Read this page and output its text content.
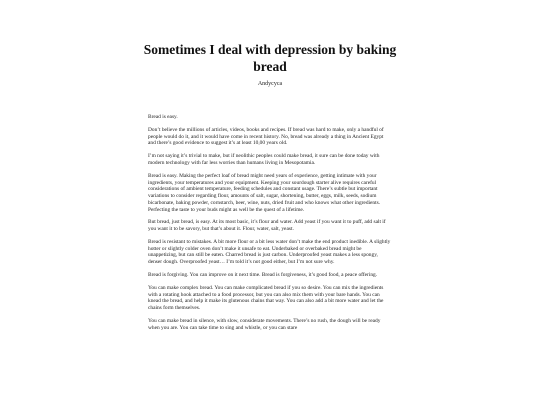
Sometimes I deal with depression by baking bread
Andycyca

Bread is easy.

Don’t believe the millions of articles, videos, books and recipes. If bread was hard to make, only a handful of people would do it, and it would have come in recent history. No, bread was already a thing in Ancient Egypt and there’s good evidence to suggest it’s at least 10,00 years old.

I’m not saying it’s trivial to make, but if neolithic peoples could make bread, it sure can be done today with modern technology with far less worries than humans living in Mesopotamia.

Bread is easy. Making the perfect loaf of bread might need years of experience, getting intimate with your ingredients, your temperatures and your equipment. Keeping your sourdough starter alive requires careful considerations of ambient temperature, feeding schedules and constant usage. There’s subtle but important variations to consider regarding flour, amounts of salt, sugar, shortening, butter, eggs, milk, seeds, sodium bicarbonate, baking powder, cornstarch, beer, wine, nuts, dried fruit and who knows what other ingredients. Perfecting the taste to your buds might as well be the quest of a lifetime.

But bread, just bread, is easy. At its most basic, it’s flour and water. Add yeast if you want it to puff, add salt if you want it to be savory, but that’s about it. Flour, water, salt, yeast.

Bread is resistant to mistakes. A bit more flour or a bit less water don’t make the end product inedible. A slightly hotter or slightly colder oven don’t make it unsafe to eat. Underbaked or overbaked bread might be unappetizing, but can still be eaten. Charred bread is just carbon. Underproofed yeast makes a less spongy, denser dough. Overproofed yeast… I’m told it’s not good either, but I’m not sure why.

Bread is forgiving. You can improve on it next time. Bread is forgiveness, it’s good food, a peace offering.

You can make complex bread. You can make complicated bread if you so desire. You can mix the ingredients with a rotating hook attached to a food processor, but you can also mix them with your bare hands. You can knead the bread, and help it make its glutenous chains that way. You can also add a bit more water and let the chains form themselves.

You can make bread in silence, with slow, considerate movements. There’s no rush, the dough will be ready when you are. You can take time to sing and whistle, or you can stare
